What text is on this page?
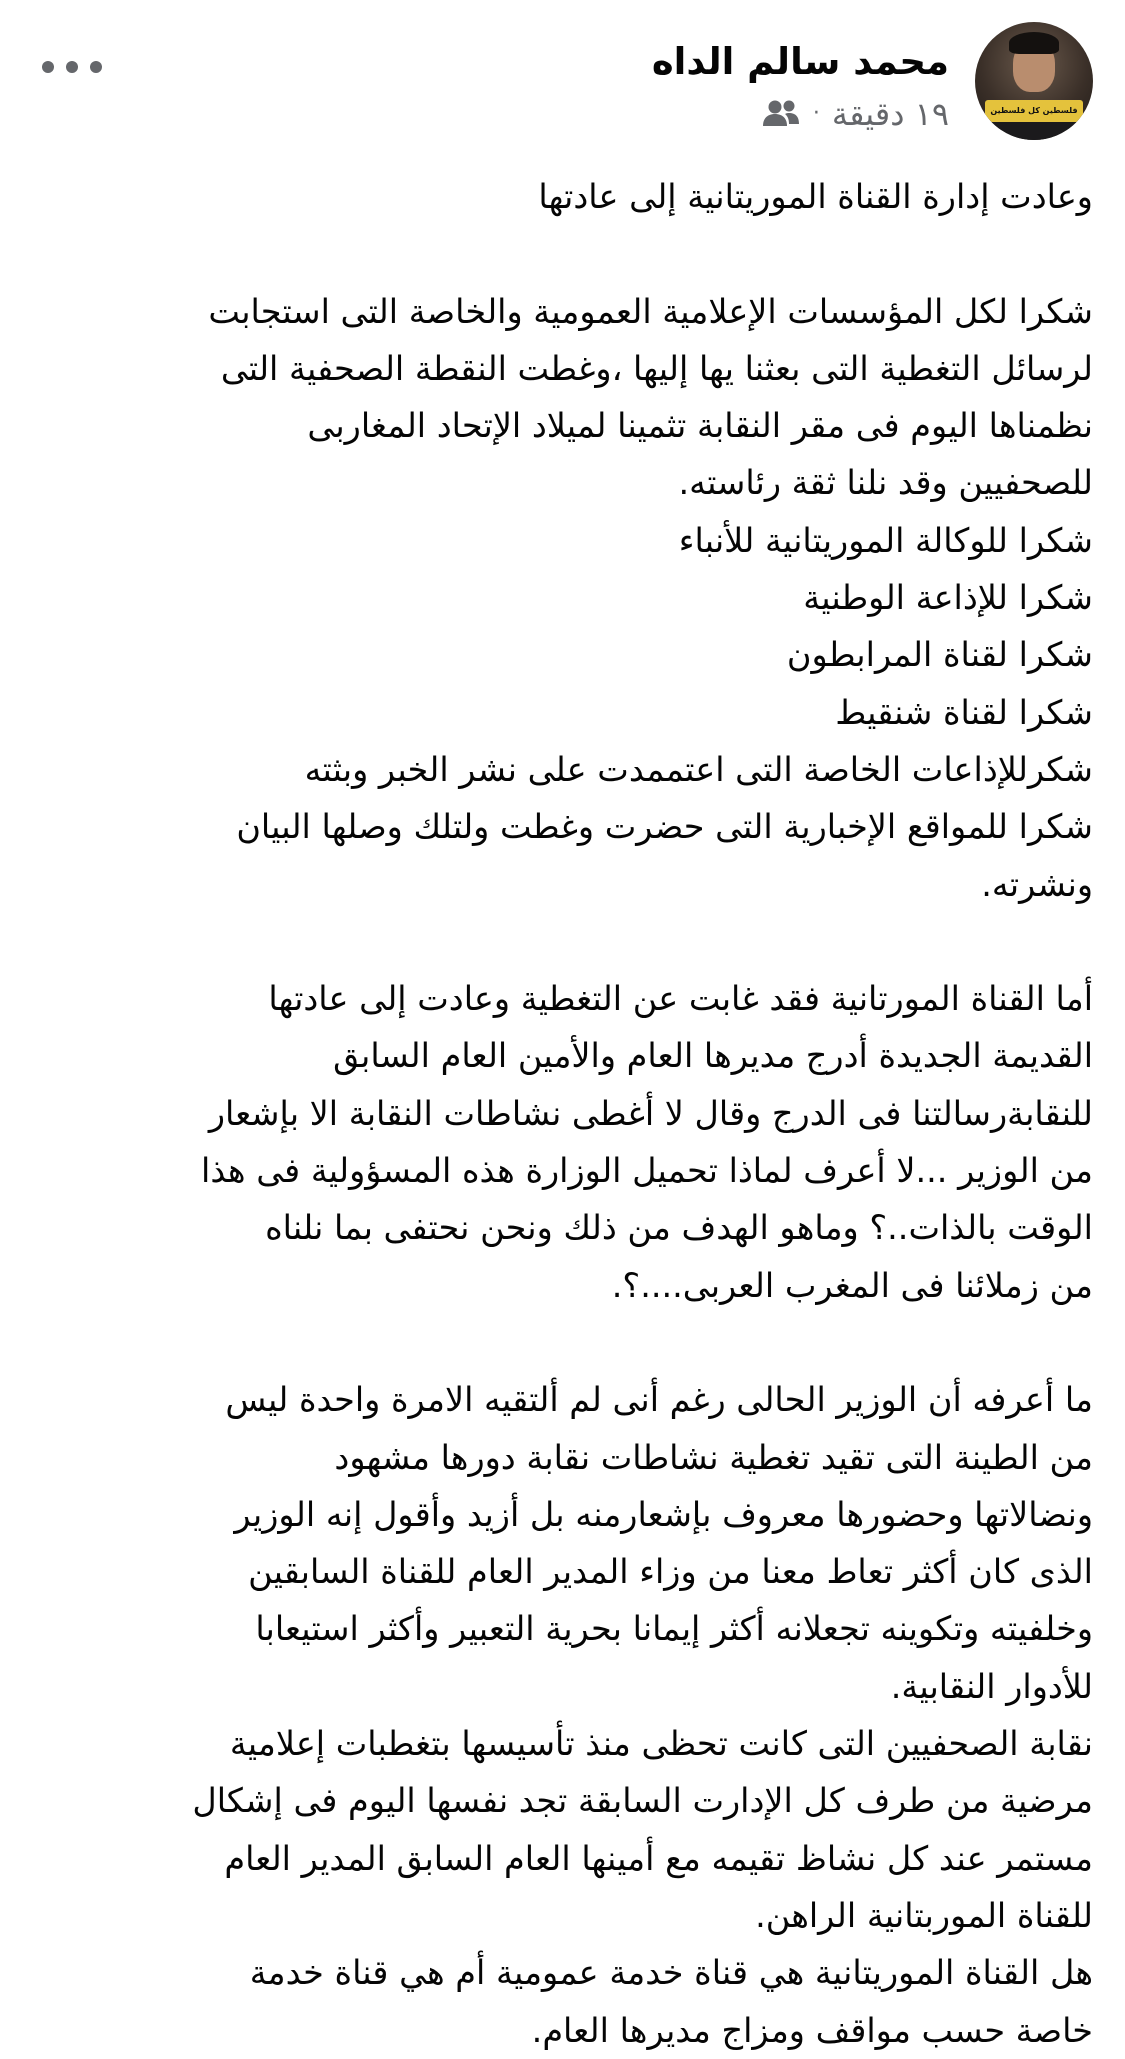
فلسطين كل فلسطين
محمد سالم الداه
١٩ دقيقة
·
وعادت إدارة القناة الموريتانية إلى عادتها
شكرا لكل المؤسسات الإعلامية العمومية والخاصة التى استجابت
لرسائل التغطية التى بعثنا يها إليها ،وغطت النقطة الصحفية التى
نظمناها اليوم فى مقر النقابة تثمينا لميلاد الإتحاد المغاربى
للصحفيين وقد نلنا ثقة رئاسته.
شكرا للوكالة الموريتانية للأنباء
شكرا للإذاعة الوطنية
شكرا لقناة المرابطون
شكرا لقناة شنقيط
شكرللإذاعات الخاصة التى اعتممدت على نشر الخبر وبثته
شكرا للمواقع الإخبارية التى حضرت وغطت ولتلك وصلها البيان
ونشرته.
أما القناة المورتانية فقد غابت عن التغطية وعادت إلى عادتها
القديمة الجديدة أدرج مديرها العام والأمين العام السابق
للنقابةرسالتنا فى الدرج وقال لا أغطى نشاطات النقابة الا بإشعار
من الوزير ...لا أعرف لماذا تحميل الوزارة هذه المسؤولية فى هذا
الوقت بالذات..؟ وماهو الهدف من ذلك ونحن نحتفى بما نلناه
من زملائنا فى المغرب العربى....؟.
ما أعرفه أن الوزير الحالى رغم أنى لم ألتقيه الامرة واحدة ليس
من الطينة التى تقيد تغطية نشاطات نقابة دورها مشهود
ونضالاتها وحضورها معروف بإشعارمنه بل أزيد وأقول إنه الوزير
الذى كان أكثر تعاط معنا من وزاء المدير العام للقناة السابقين
وخلفيته وتكوينه تجعلانه أكثر إيمانا بحرية التعبير وأكثر استيعابا
للأدوار النقابية.
نقابة الصحفيين التى كانت تحظى منذ تأسيسها بتغطبات إعلامية
مرضية من طرف كل الإدارت السابقة تجد نفسها اليوم فى إشكال
مستمر عند كل نشاظ تقيمه مع أمينها العام السابق المدير العام
للقناة الموربتانية الراهن.
هل القناة الموريتانية هي قناة خدمة عمومية أم هي قناة خدمة
خاصة حسب مواقف ومزاج مديرها العام.
